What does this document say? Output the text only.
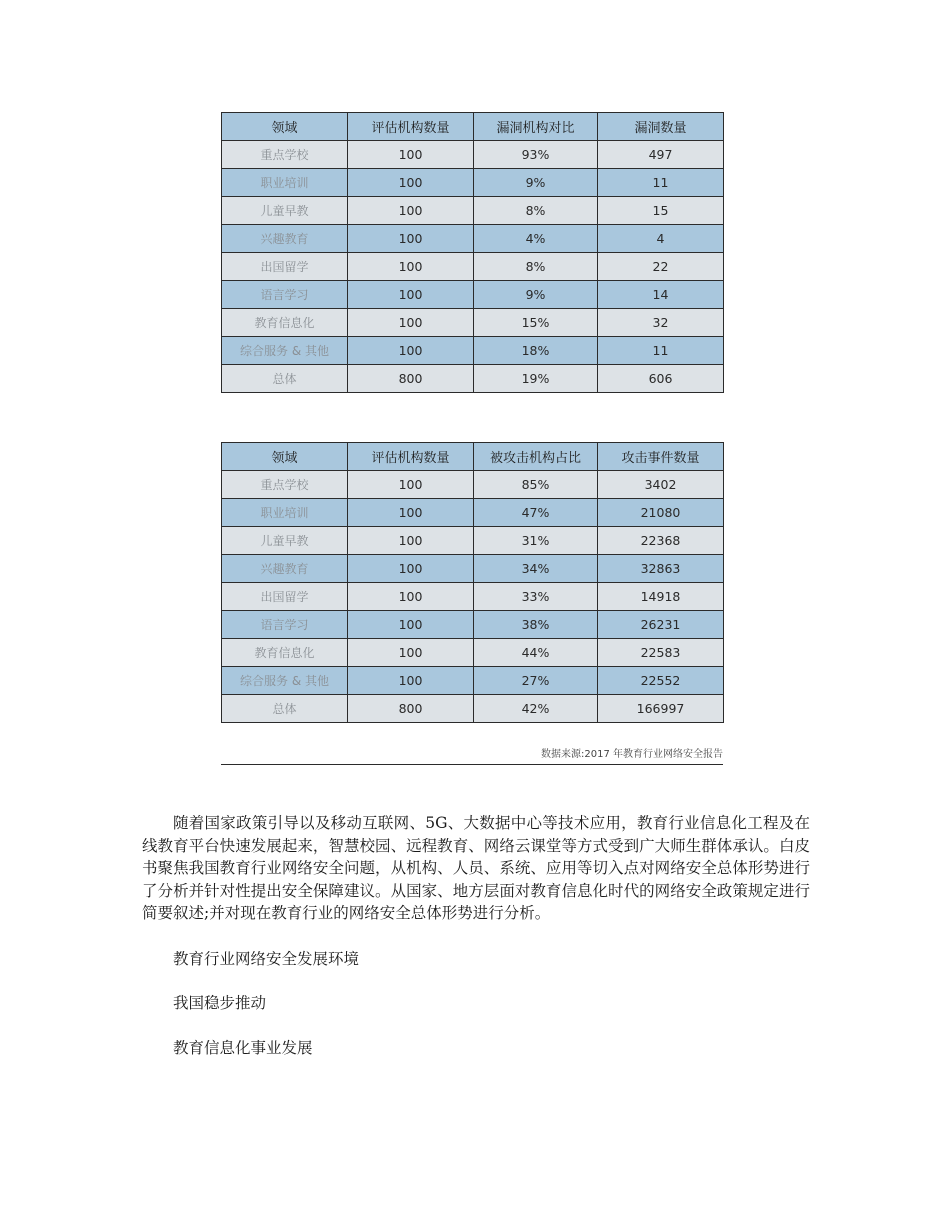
领域	评估机构数量	漏洞机构对比	漏洞数量
重点学校	100	93%	497
职业培训	100	9%	11
儿童早教	100	8%	15
兴趣教育	100	4%	4
出国留学	100	8%	22
语言学习	100	9%	14
教育信息化	100	15%	32
综合服务 & 其他	100	18%	11
总体	800	19%	606
领域	评估机构数量	被攻击机构占比	攻击事件数量
重点学校	100	85%	3402
职业培训	100	47%	21080
儿童早教	100	31%	22368
兴趣教育	100	34%	32863
出国留学	100	33%	14918
语言学习	100	38%	26231
教育信息化	100	44%	22583
综合服务 & 其他	100	27%	22552
总体	800	42%	166997
数据来源:2017 年教育行业网络安全报告

随着国家政策引导以及移动互联网、5G、大数据中心等技术应用，教育行业信息化工程及在线教育平台快速发展起来，智慧校园、远程教育、网络云课堂等方式受到广大师生群体承认。白皮书聚焦我国教育行业网络安全问题，从机构、人员、系统、应用等切入点对网络安全总体形势进行了分析并针对性提出安全保障建议。从国家、地方层面对教育信息化时代的网络安全政策规定进行简要叙述;并对现在教育行业的网络安全总体形势进行分析。

教育行业网络安全发展环境

我国稳步推动

教育信息化事业发展
